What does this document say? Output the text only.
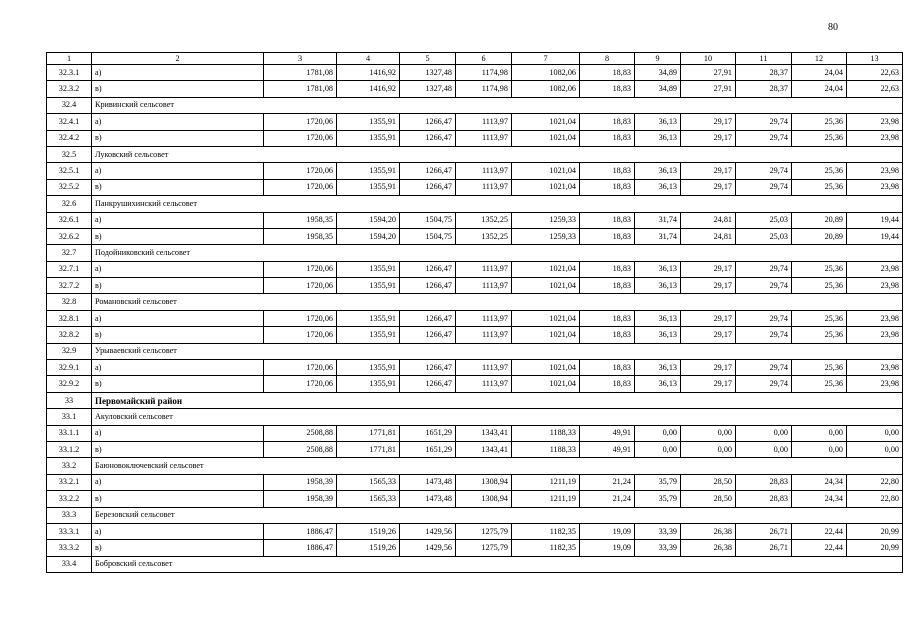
80
1	2	3	4	5	6	7	8	9	10	11	12	13
32.3.1	а)	1781,08	1416,92	1327,48	1174,98	1082,06	18,83	34,89	27,91	28,37	24,04	22,63
32.3.2	в)	1781,08	1416,92	1327,48	1174,98	1082,06	18,83	34,89	27,91	28,37	24,04	22,63
32.4	Кривинский сельсовет											
32.4.1	а)	1720,06	1355,91	1266,47	1113,97	1021,04	18,83	36,13	29,17	29,74	25,36	23,98
32.4.2	в)	1720,06	1355,91	1266,47	1113,97	1021,04	18,83	36,13	29,17	29,74	25,36	23,98
32.5	Луковский сельсовет											
32.5.1	а)	1720,06	1355,91	1266,47	1113,97	1021,04	18,83	36,13	29,17	29,74	25,36	23,98
32.5.2	в)	1720,06	1355,91	1266,47	1113,97	1021,04	18,83	36,13	29,17	29,74	25,36	23,98
32.6	Панкрушихинский сельсовет											
32.6.1	а)	1958,35	1594,20	1504,75	1352,25	1259,33	18,83	31,74	24,81	25,03	20,89	19,44
32.6.2	в)	1958,35	1594,20	1504,75	1352,25	1259,33	18,83	31,74	24,81	25,03	20,89	19,44
32.7	Подойниковский сельсовет											
32.7.1	а)	1720,06	1355,91	1266,47	1113,97	1021,04	18,83	36,13	29,17	29,74	25,36	23,98
32.7.2	в)	1720,06	1355,91	1266,47	1113,97	1021,04	18,83	36,13	29,17	29,74	25,36	23,98
32.8	Романовский сельсовет											
32.8.1	а)	1720,06	1355,91	1266,47	1113,97	1021,04	18,83	36,13	29,17	29,74	25,36	23,98
32.8.2	в)	1720,06	1355,91	1266,47	1113,97	1021,04	18,83	36,13	29,17	29,74	25,36	23,98
32.9	Урываевский сельсовет											
32.9.1	а)	1720,06	1355,91	1266,47	1113,97	1021,04	18,83	36,13	29,17	29,74	25,36	23,98
32.9.2	в)	1720,06	1355,91	1266,47	1113,97	1021,04	18,83	36,13	29,17	29,74	25,36	23,98
33	Первомайский район											
33.1	Акуловский сельсовет											
33.1.1	а)	2508,88	1771,81	1651,29	1343,41	1188,33	49,91	0,00	0,00	0,00	0,00	0,00
33.1.2	в)	2508,88	1771,81	1651,29	1343,41	1188,33	49,91	0,00	0,00	0,00	0,00	0,00
33.2	Баюновоключевский сельсовет											
33.2.1	а)	1958,39	1565,33	1473,48	1308,94	1211,19	21,24	35,79	28,50	28,83	24,34	22,80
33.2.2	в)	1958,39	1565,33	1473,48	1308,94	1211,19	21,24	35,79	28,50	28,83	24,34	22,80
33.3	Березовский сельсовет											
33.3.1	а)	1886,47	1519,26	1429,56	1275,79	1182,35	19,09	33,39	26,38	26,71	22,44	20,99
33.3.2	в)	1886,47	1519,26	1429,56	1275,79	1182,35	19,09	33,39	26,38	26,71	22,44	20,99
33.4	Бобровский сельсовет											
